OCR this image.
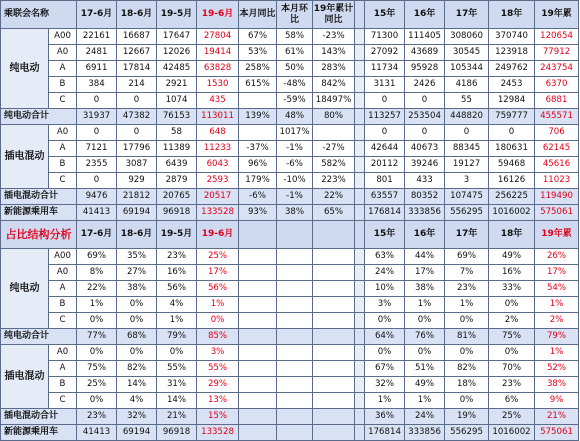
乘联会名称		17-6月	18-6月	19-5月	19-6月	本月同比	本月环比	19年累计同比		15年	16年	17年	18年	19年累
纯电动	A00	22161	16687	17647	27804	67%	58%	-23%		71300	111405	308060	370740	120654
	A0	2481	12667	12026	19414	53%	61%	143%		27092	43689	30545	123918	77912
	A	6911	17814	42485	63828	258%	50%	283%		11734	95928	105344	249762	243754
	B	384	214	2921	1530	615%	-48%	842%		3131	2426	4186	2453	6370
	C	0	0	1074	435		-59%	18497%		0	0	55	12984	6881
纯电动合计		31937	47382	76153	113011	139%	48%	80%		113257	253504	448820	759777	455571
插电混动	A0	0	0	58	648		1017%			0	0	0	0	706
	A	7121	17796	11389	11233	-37%	-1%	-27%		42644	40673	88345	180631	62145
	B	2355	3087	6439	6043	96%	-6%	582%		20112	39246	19127	59468	45616
	C	0	929	2879	2593	179%	-10%	223%		801	433	3	16126	11023
插电混动合计		9476	21812	20765	20517	-6%	-1%	22%		63557	80352	107475	256225	119490
新能源乘用车		41413	69194	96918	133528	93%	38%	65%		176814	333856	556295	1016002	575061
占比结构分析		17-6月	18-6月	19-5月	19-6月					15年	16年	17年	18年	19年累
纯电动	A00	69%	35%	23%	25%					63%	44%	69%	49%	26%
	A0	8%	27%	16%	17%					24%	17%	7%	16%	17%
	A	22%	38%	56%	56%					10%	38%	23%	33%	54%
	B	1%	0%	4%	1%					3%	1%	1%	0%	1%
	C	0%	0%	1%	0%					0%	0%	0%	2%	2%
纯电动合计		77%	68%	79%	85%					64%	76%	81%	75%	79%
插电混动	A0	0%	0%	0%	3%					0%	0%	0%	0%	1%
	A	75%	82%	55%	55%					67%	51%	82%	70%	52%
	B	25%	14%	31%	29%					32%	49%	18%	23%	38%
	C	0%	4%	14%	13%					1%	1%	0%	6%	9%
插电混动合计		23%	32%	21%	15%					36%	24%	19%	25%	21%
新能源乘用车		41413	69194	96918	133528					176814	333856	556295	1016002	575061
